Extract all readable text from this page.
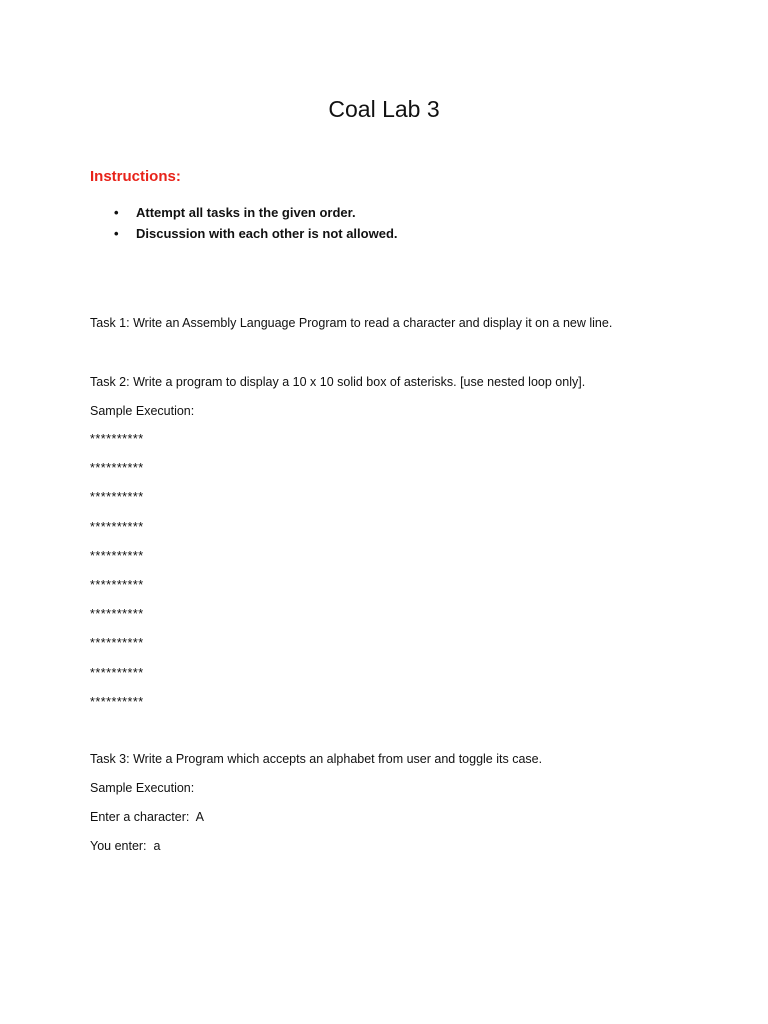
Coal Lab 3
Instructions:
• Attempt all tasks in the given order.
• Discussion with each other is not allowed.

Task 1: Write an Assembly Language Program to read a character and display it on a new line.

Task 2: Write a program to display a 10 x 10 solid box of asterisks. [use nested loop only].

Sample Execution:

**********
**********
**********
**********
**********
**********
**********
**********
**********
**********

Task 3: Write a Program which accepts an alphabet from user and toggle its case.

Sample Execution:

Enter a character:  A

You enter:  a
